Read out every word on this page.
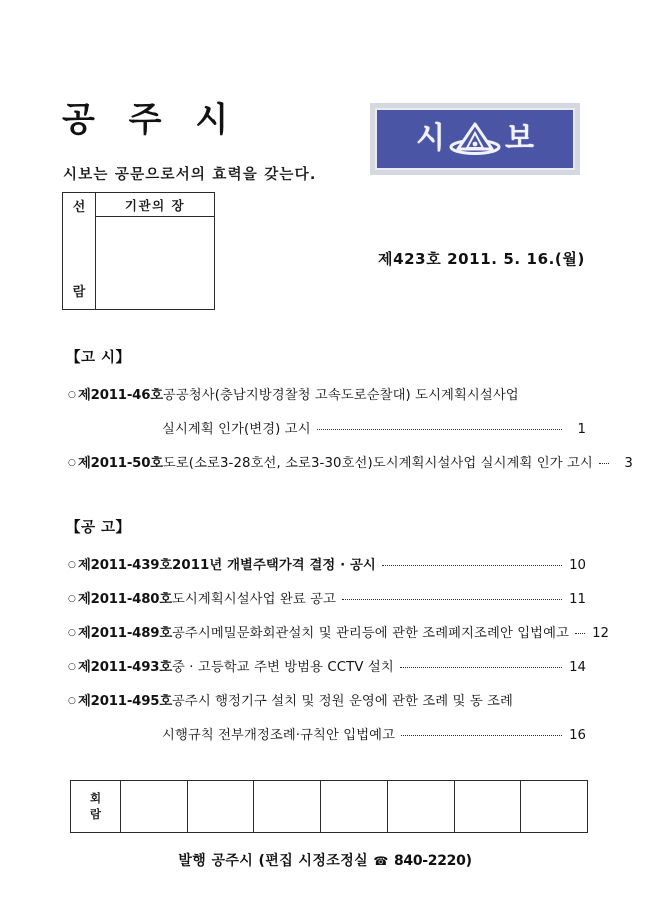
공 주 시
시보는 공문으로서의 효력을 갖는다.
시 보
선
람
기관의 장
제423호 2011. 5. 16.(월)
【고 시】
【공 고】
○ 제2011-46호 공공청사(충남지방경찰청 고속도로순찰대) 도시계획시설사업
실시계획 인가(변경) 고시	1
○ 제2011-50호 도로(소로3-28호선, 소로3-30호선)도시계획시설사업 실시계획 인가 고시	3
○ 제2011-439호 2011년 개별주택가격 결정 · 공시	10
○ 제2011-480호 도시계획시설사업 완료 공고	11
○ 제2011-489호 공주시메밀문화회관설치 및 관리등에 관한 조례폐지조례안 입법예고	12
○ 제2011-493호 중 · 고등학교 주변 방범용 CCTV 설치	14
○ 제2011-495호 공주시 행정기구 설치 및 정원 운영에 관한 조례 및 동 조례
시행규칙 전부개정조례·규칙안 입법예고	16
회
람
발행 공주시 (편집 시정조정실 ☎ 840-2220)
